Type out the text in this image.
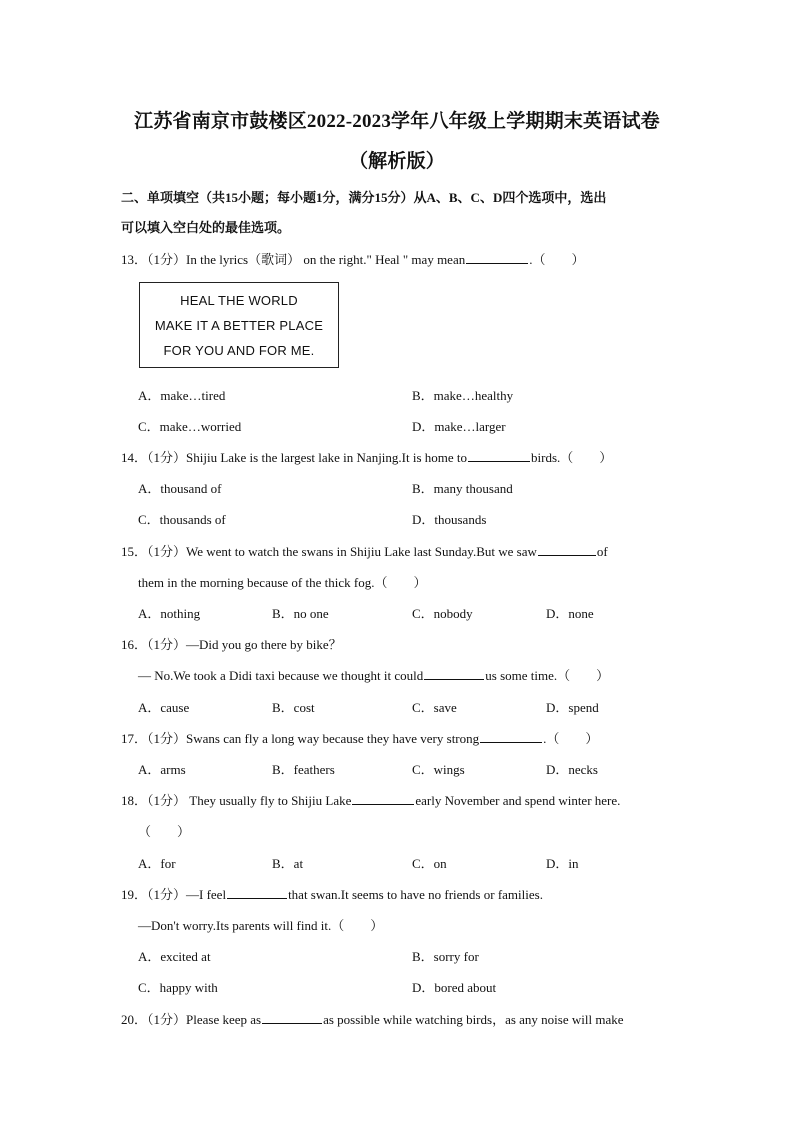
江苏省南京市鼓楼区2022-2023学年八年级上学期期末英语试卷
（解析版）
二、单项填空（共15小题；每小题1分，满分15分）从A、B、C、D四个选项中，选出
可以填入空白处的最佳选项。
13．（1分）In the lyrics（歌词） on the right." Heal " may mean	.（　　）
HEAL THE WORLD
MAKE IT A BETTER PLACE
FOR YOU AND FOR ME.
A．make…tired	B．make…healthy
C．make…worried	D．make…larger
14．（1分）Shijiu Lake is the largest lake in Nanjing.It is home to	birds.（　　）
A．thousand of	B．many thousand
C．thousands of	D．thousands
15．（1分）We went to watch the swans in Shijiu Lake last Sunday.But we saw	of
them in the morning because of the thick fog.（　　）
A．nothing	B．no one	C．nobody	D．none
16．（1分）—Did you go there by bike？
— No.We took a Didi taxi because we thought it could	us some time.（　　）
A．cause	B．cost	C．save	D．spend
17．（1分）Swans can fly a long way because they have very strong	.（　　）
A．arms	B．feathers	C．wings	D．necks
18．（1分） They usually fly to Shijiu Lake	early November and spend winter here.
（　　）
A．for	B．at	C．on	D．in
19．（1分）—I feel	that swan.It seems to have no friends or families.
—Don't worry.Its parents will find it.（　　）
A．excited at	B．sorry for
C．happy with	D．bored about
20．（1分）Please keep as	as possible while watching birds，as any noise will make
